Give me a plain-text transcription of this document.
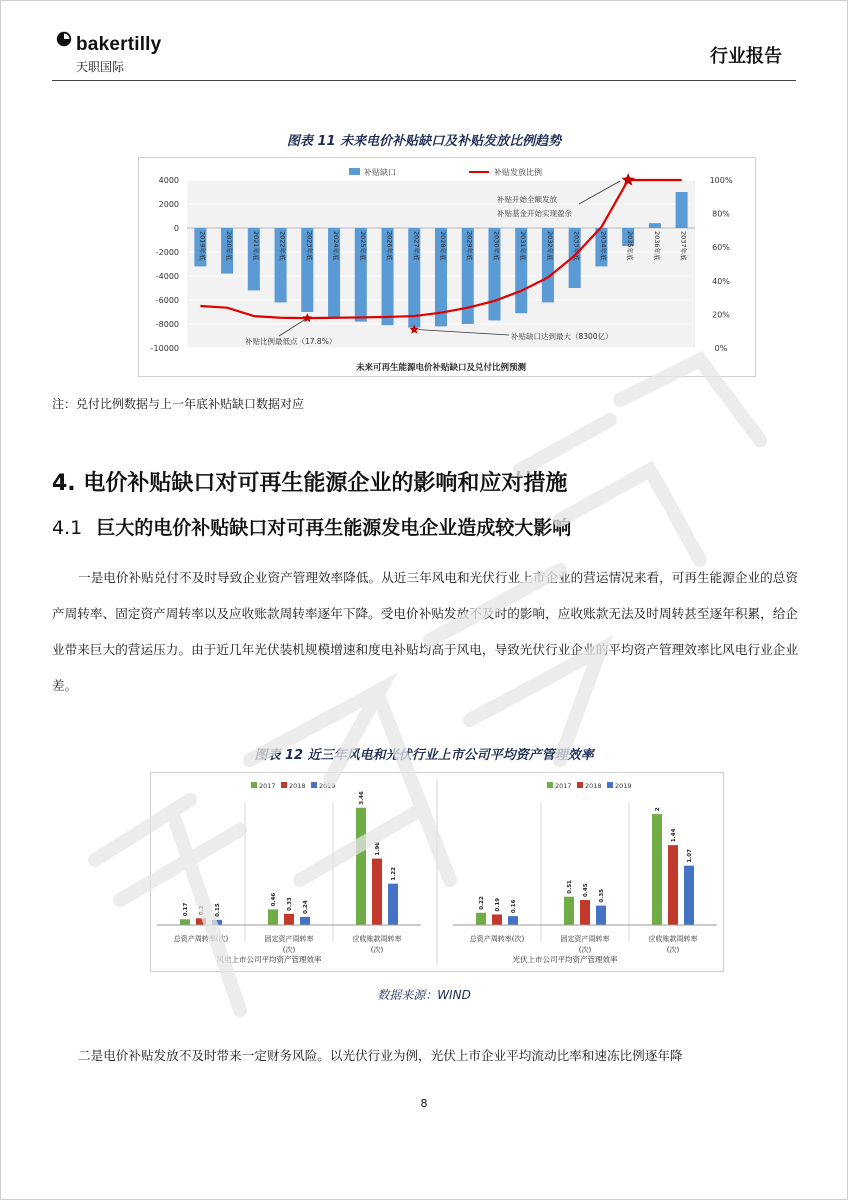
bakertilly
天职国际	行业报告
图表 11 未来电价补贴缺口及补贴发放比例趋势
4000
2000
0
-2000
-4000
-6000
-8000
-10000
100%
80%
60%
40%
20%
0%
2019年底	2020年底	2021年底	2022年底	2023年底	2024年底	2025年底	2026年底	2027年底	2028年底	2029年底	2030年底	2031年底	2032年底	2033年底	2034年底	2035年底	2036年底	2037年底
补贴缺口	补贴发放比例
补贴开始全额发放
补贴基金开始实现盈余
补贴比例最低点（17.8%）
补贴缺口达到最大（8300亿）
未来可再生能源电价补贴缺口及兑付比例预测
注：兑付比例数据与上一年底补贴缺口数据对应
4. 电价补贴缺口对可再生能源企业的影响和应对措施
4.1 巨大的电价补贴缺口对可再生能源发电企业造成较大影响
一是电价补贴兑付不及时导致企业资产管理效率降低。从近三年风电和光伏行业上市企业的营运情况来看，可再生能源企业的总资产周转率、固定资产周转率以及应收账款周转率逐年下降。受电价补贴发放不及时的影响，应收账款无法及时周转甚至逐年积累，给企业带来巨大的营运压力。由于近几年光伏装机规模增速和度电补贴均高于风电，导致光伏行业企业的平均资产管理效率比风电行业企业差。
图表 12 近三年风电和光伏行业上市公司平均资产管理效率
2017 2018 2019
0.17 0.2 0.15
总资产周转率(次)
0.46 0.33 0.24
固定资产周转率
(次)
3.46
1.96
1.22
应收账款周转率
(次)
风电上市公司平均资产管理效率
2017 2018 2019
0.22 0.19 0.16
总资产周转率(次)
0.51 0.45 0.35
固定资产周转率
(次)
2
1.44
1.07
应收账款周转率
(次)
光伏上市公司平均资产管理效率
数据来源：WIND
二是电价补贴发放不及时带来一定财务风险。以光伏行业为例，光伏上市企业平均流动比率和速冻比例逐年降
8
